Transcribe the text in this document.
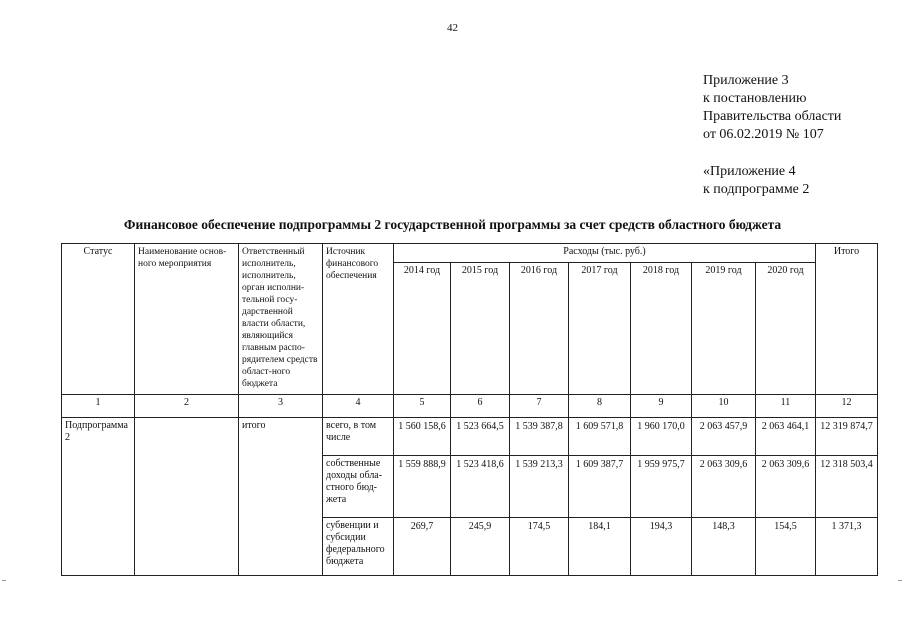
42
Приложение 3
к постановлению
Правительства области
от 06.02.2019 № 107
«Приложение 4
к подпрограмме 2
Финансовое обеспечение подпрограммы 2 государственной программы за счет средств областного бюджета
Статус	Наименование основ-ного мероприятия	Ответственный исполнитель, исполнитель, орган исполни-тельной госу-дарственной власти области, являющийся главным распо-рядителем средств област-ного бюджета	Источник финансового обеспечения	Расходы (тыс. руб.)							Итого
				2014 год	2015 год	2016 год	2017 год	2018 год	2019 год	2020 год	
1	2	3	4	5	6	7	8	9	10	11	12
Подпрограмма 2		итого	всего, в том числе	1 560 158,6	1 523 664,5	1 539 387,8	1 609 571,8	1 960 170,0	2 063 457,9	2 063 464,1	12 319 874,7
			собственные доходы обла-стного бюд-жета	1 559 888,9	1 523 418,6	1 539 213,3	1 609 387,7	1 959 975,7	2 063 309,6	2 063 309,6	12 318 503,4
			субвенции и субсидии федерального бюджета	269,7	245,9	174,5	184,1	194,3	148,3	154,5	1 371,3
